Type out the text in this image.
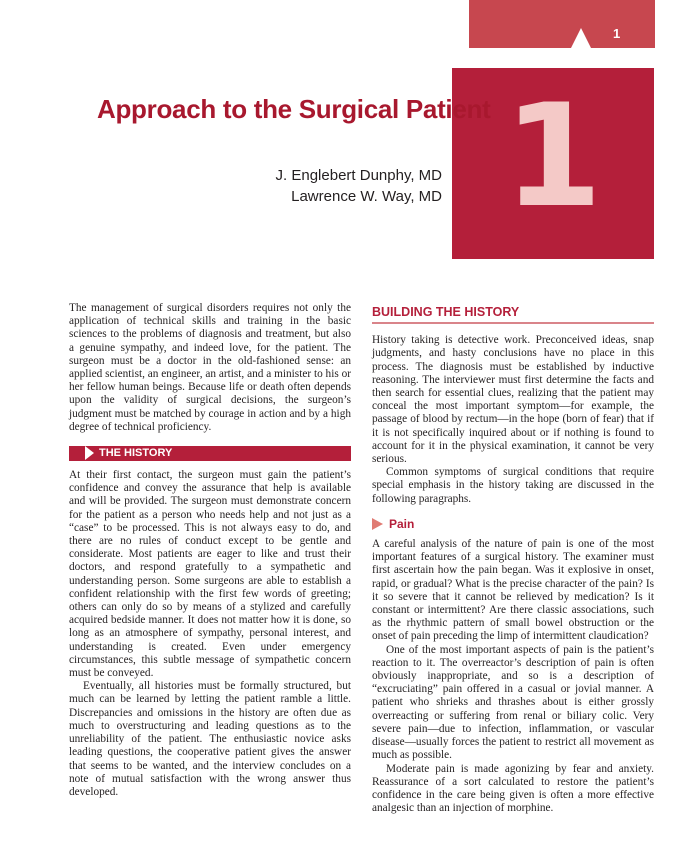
1
1
Approach to the Surgical Patient
J. Englebert Dunphy, MD
Lawrence W. Way, MD

The management of surgical disorders requires not only the application of technical skills and training in the basic sciences to the problems of diagnosis and treatment, but also a genuine sympathy, and indeed love, for the patient. The surgeon must be a doctor in the old-fashioned sense: an applied scientist, an engineer, an artist, and a minister to his or her fellow human beings. Because life or death often depends upon the validity of surgical decisions, the surgeon’s judgment must be matched by courage in action and by a high degree of technical proficiency.

THE HISTORY

At their first contact, the surgeon must gain the patient’s confidence and convey the assurance that help is available and will be provided. The surgeon must demonstrate concern for the patient as a person who needs help and not just as a “case” to be processed. This is not always easy to do, and there are no rules of conduct except to be gentle and considerate. Most patients are eager to like and trust their doctors, and respond gratefully to a sympathetic and understanding person. Some surgeons are able to establish a confident relationship with the first few words of greeting; others can only do so by means of a stylized and carefully acquired bedside manner. It does not matter how it is done, so long as an atmosphere of sympathy, personal interest, and understanding is created. Even under emergency circumstances, this subtle message of sympathetic concern must be conveyed.

Eventually, all histories must be formally structured, but much can be learned by letting the patient ramble a little. Discrepancies and omissions in the history are often due as much to overstructuring and leading questions as to the unreliability of the patient. The enthusiastic novice asks leading questions, the cooperative patient gives the answer that seems to be wanted, and the interview concludes on a note of mutual satisfaction with the wrong answer thus developed.

BUILDING THE HISTORY

History taking is detective work. Preconceived ideas, snap judgments, and hasty conclusions have no place in this process. The diagnosis must be established by inductive reasoning. The interviewer must first determine the facts and then search for essential clues, realizing that the patient may conceal the most important symptom—for example, the passage of blood by rectum—in the hope (born of fear) that if it is not specifically inquired about or if nothing is found to account for it in the physical examination, it cannot be very serious.

Common symptoms of surgical conditions that require special emphasis in the history taking are discussed in the following paragraphs.

Pain

A careful analysis of the nature of pain is one of the most important features of a surgical history. The examiner must first ascertain how the pain began. Was it explosive in onset, rapid, or gradual? What is the precise character of the pain? Is it so severe that it cannot be relieved by medication? Is it constant or intermittent? Are there classic associations, such as the rhythmic pattern of small bowel obstruction or the onset of pain preceding the limp of intermittent claudication?

One of the most important aspects of pain is the patient’s reaction to it. The overreactor’s description of pain is often obviously inappropriate, and so is a description of “excruciating” pain offered in a casual or jovial manner. A patient who shrieks and thrashes about is either grossly overreacting or suffering from renal or biliary colic. Very severe pain—due to infection, inflammation, or vascular disease—usually forces the patient to restrict all movement as much as possible.

Moderate pain is made agonizing by fear and anxiety. Reassurance of a sort calculated to restore the patient’s confidence in the care being given is often a more effective analgesic than an injection of morphine.
